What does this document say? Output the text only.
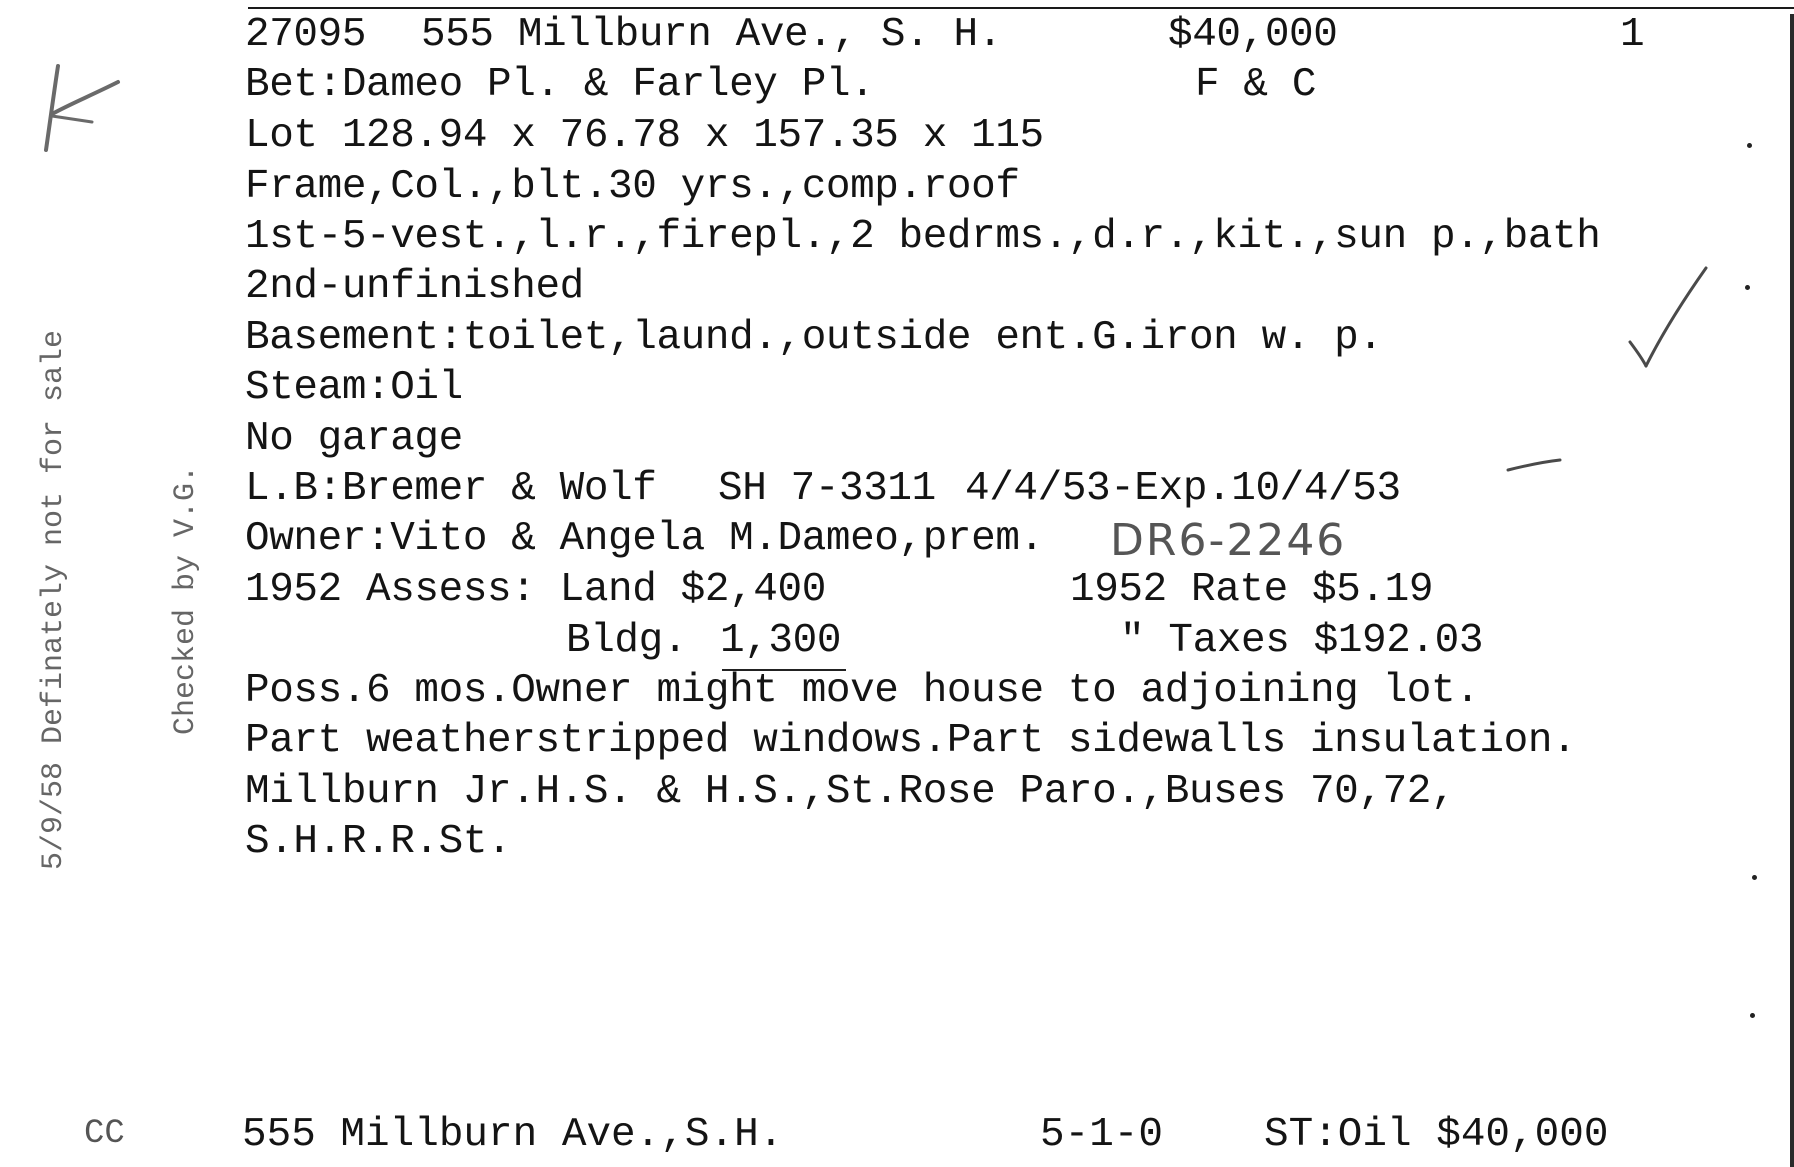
27095 555 Millburn Ave., S. H.	$40,000	1
Bet:Dameo Pl. & Farley Pl.	F & C
Lot 128.94 x 76.78 x 157.35 x 115
Frame,Col.,blt.30 yrs.,comp.roof
1st-5-vest.,l.r.,firepl.,2 bedrms.,d.r.,kit.,sun p.,bath
2nd-unfinished
Basement:toilet,laund.,outside ent.G.iron w. p.
Steam:Oil
No garage
L.B:Bremer & Wolf SH 7-3311 4/4/53-Exp.10/4/53
Owner:Vito & Angela M.Dameo,prem. DR6-2246
1952 Assess: Land $2,400	1952 Rate $5.19
Bldg. 1,300	" Taxes $192.03
Poss.6 mos.Owner might move house to adjoining lot.
Part weatherstripped windows.Part sidewalls insulation.
Millburn Jr.H.S. & H.S.,St.Rose Paro.,Buses 70,72,
S.H.R.R.St.

5/9/58 Definately not for sale

	Checked by V.G.

CC	555 Millburn Ave.,S.H.	5-1-0 ST:Oil $40,000
